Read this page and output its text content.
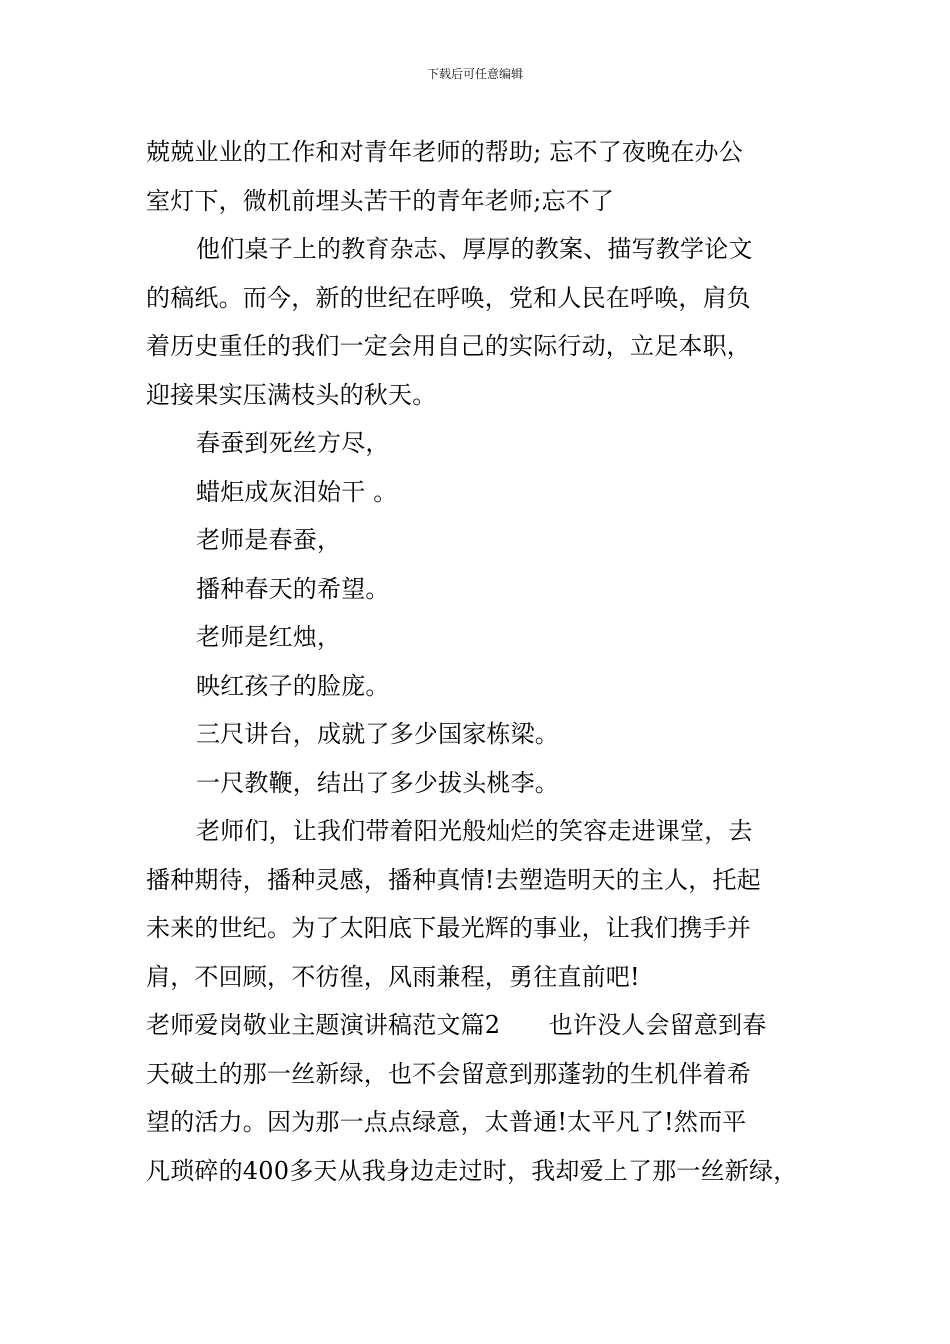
下载后可任意编辑
兢兢业业的工作和对青年老师的帮助; 忘不了夜晚在办公
室灯下，微机前埋头苦干的青年老师;忘不了
他们桌子上的教育杂志、厚厚的教案、描写教学论文
的稿纸。而今，新的世纪在呼唤，党和人民在呼唤，肩负
着历史重任的我们一定会用自己的实际行动，立足本职，
迎接果实压满枝头的秋天。
春蚕到死丝方尽，
蜡炬成灰泪始干 。
老师是春蚕，
播种春天的希望。
老师是红烛，
映红孩子的脸庞。
三尺讲台，成就了多少国家栋梁。
一尺教鞭，结出了多少拔头桃李。
老师们，让我们带着阳光般灿烂的笑容走进课堂，去
播种期待，播种灵感，播种真情!去塑造明天的主人，托起
未来的世纪。为了太阳底下最光辉的事业，让我们携手并
肩，不回顾，不彷徨，风雨兼程，勇往直前吧!
老师爱岗敬业主题演讲稿范文篇2　　也许没人会留意到春
天破土的那一丝新绿，也不会留意到那蓬勃的生机伴着希
望的活力。因为那一点点绿意，太普通!太平凡了!然而平
凡琐碎的400多天从我身边走过时，我却爱上了那一丝新绿，
